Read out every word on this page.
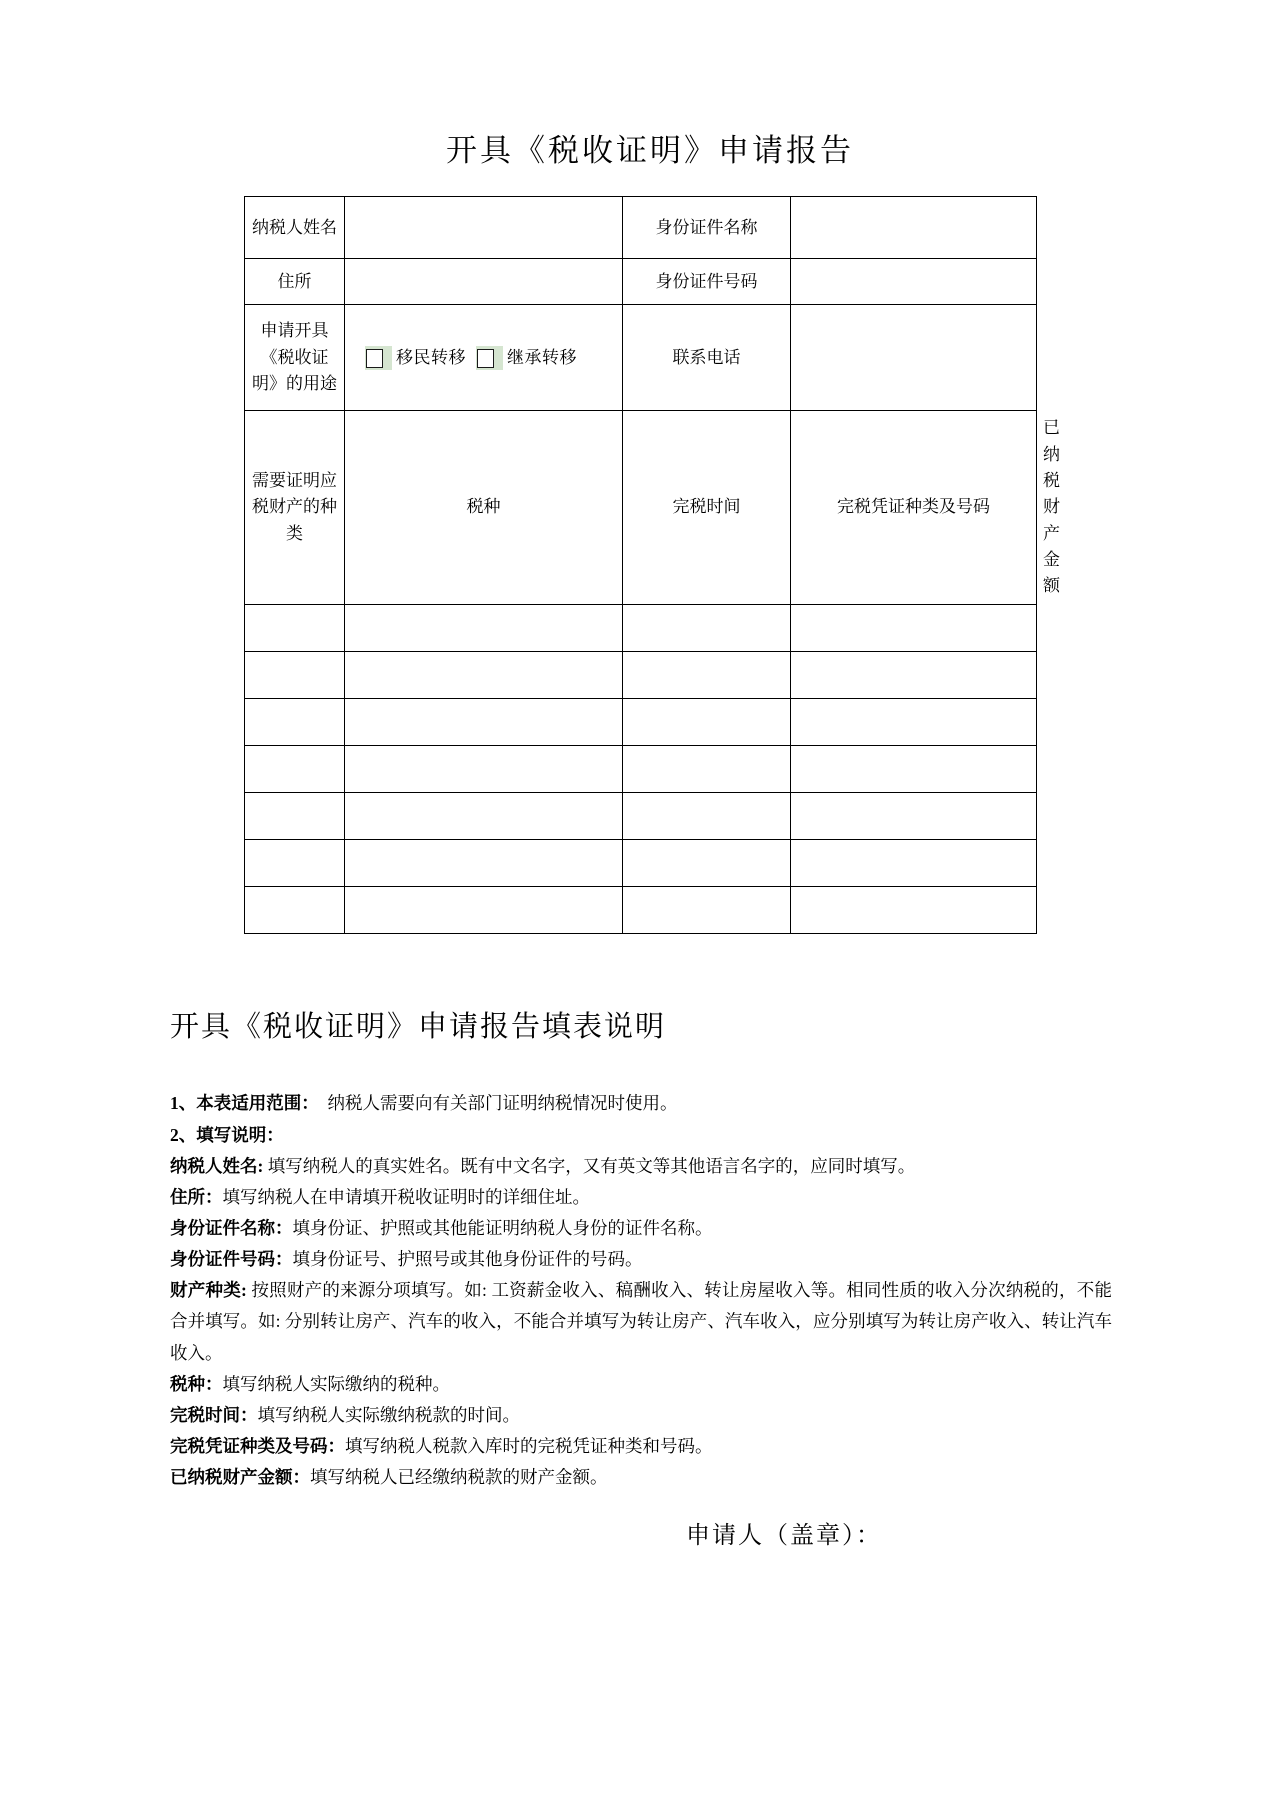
开具《税收证明》申请报告
纳税人姓名		身份证件名称		
住所		身份证件号码		
申请开具《税收证明》的用途	移民转移 继承转移	联系电话		
需要证明应税财产的种类	税种	完税时间	完税凭证种类及号码	已纳税财产金额

开具《税收证明》申请报告填表说明

1、本表适用范围：　纳税人需要向有关部门证明纳税情况时使用。

2、填写说明：

纳税人姓名: 填写纳税人的真实姓名。既有中文名字，又有英文等其他语言名字的，应同时填写。

住所：填写纳税人在申请填开税收证明时的详细住址。

身份证件名称：填身份证、护照或其他能证明纳税人身份的证件名称。

身份证件号码：填身份证号、护照号或其他身份证件的号码。

财产种类: 按照财产的来源分项填写。如: 工资薪金收入、稿酬收入、转让房屋收入等。相同性质的收入分次纳税的，不能合并填写。如: 分别转让房产、汽车的收入，不能合并填写为转让房产、汽车收入，应分别填写为转让房产收入、转让汽车收入。

税种：填写纳税人实际缴纳的税种。

完税时间：填写纳税人实际缴纳税款的时间。

完税凭证种类及号码：填写纳税人税款入库时的完税凭证种类和号码。

已纳税财产金额：填写纳税人已经缴纳税款的财产金额。

申请人（盖章）：
